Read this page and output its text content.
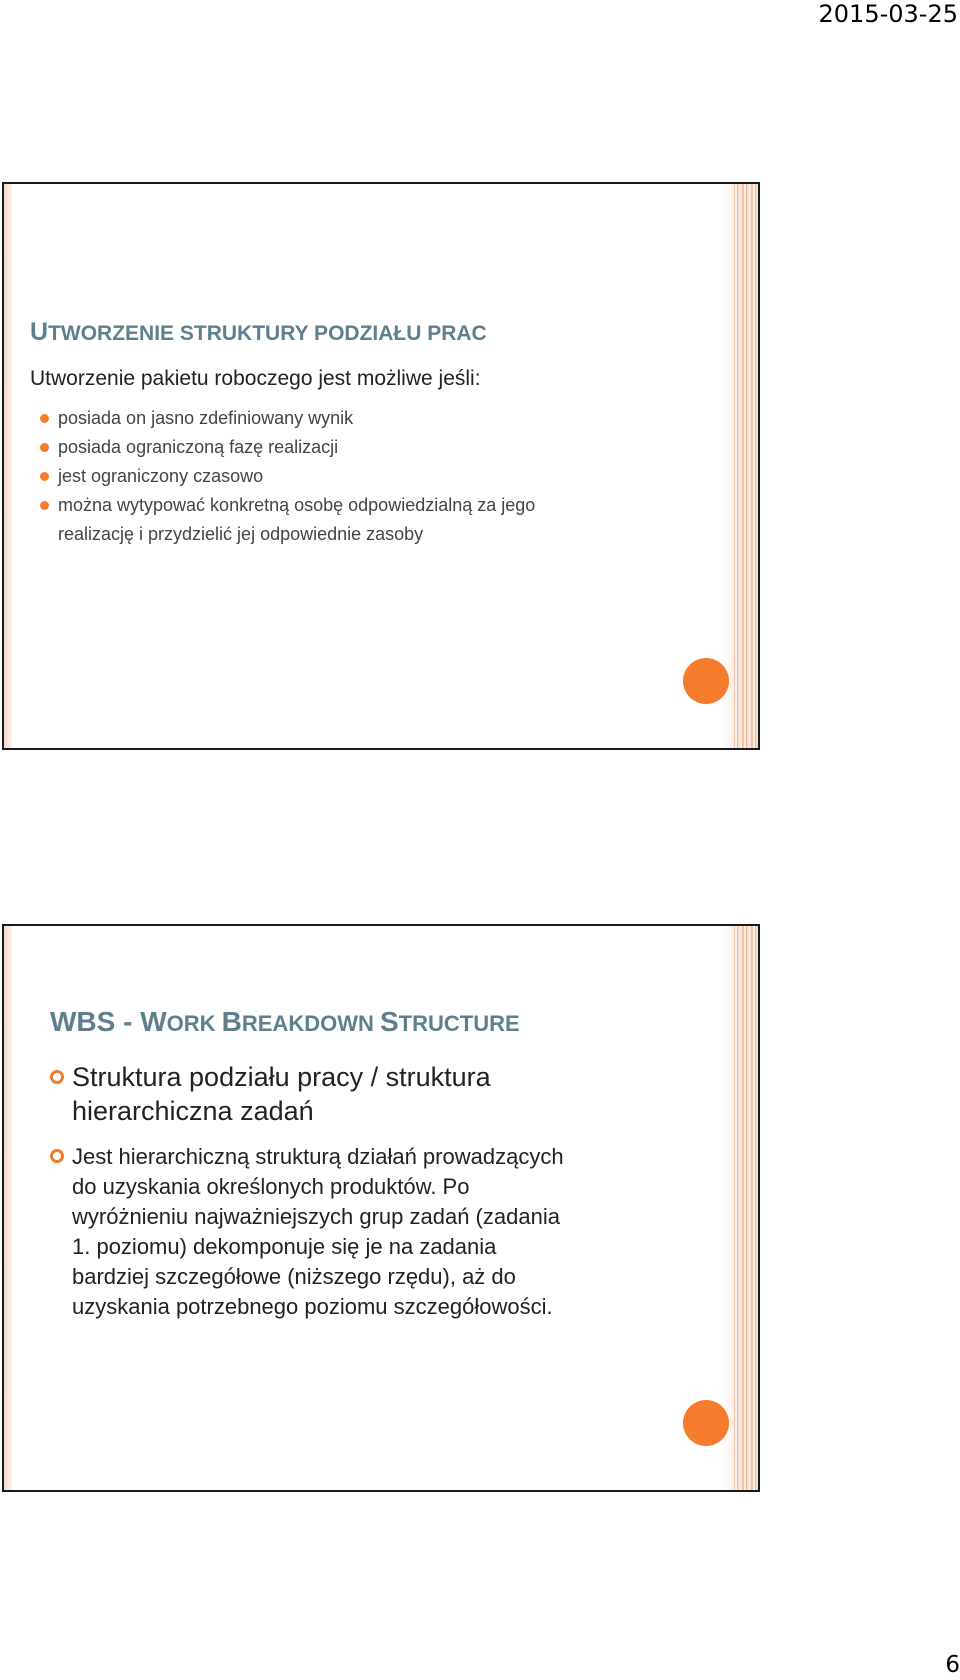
2015-03-25
UTWORZENIE STRUKTURY PODZIAŁU PRAC

Utworzenie pakietu roboczego jest możliwe jeśli:

posiada on jasno zdefiniowany wynik
posiada ograniczoną fazę realizacji
jest ograniczony czasowo
można wytypować konkretną osobę odpowiedzialną za jego
realizację i przydzielić jej odpowiednie zasoby
WBS - WORK BREAKDOWN STRUCTURE
Struktura podziału pracy / struktura
hierarchiczna zadań
Jest hierarchiczną strukturą działań prowadzących
do uzyskania określonych produktów. Po
wyróżnieniu najważniejszych grup zadań (zadania
1. poziomu) dekomponuje się je na zadania
bardziej szczegółowe (niższego rzędu), aż do
uzyskania potrzebnego poziomu szczegółowości.
6
